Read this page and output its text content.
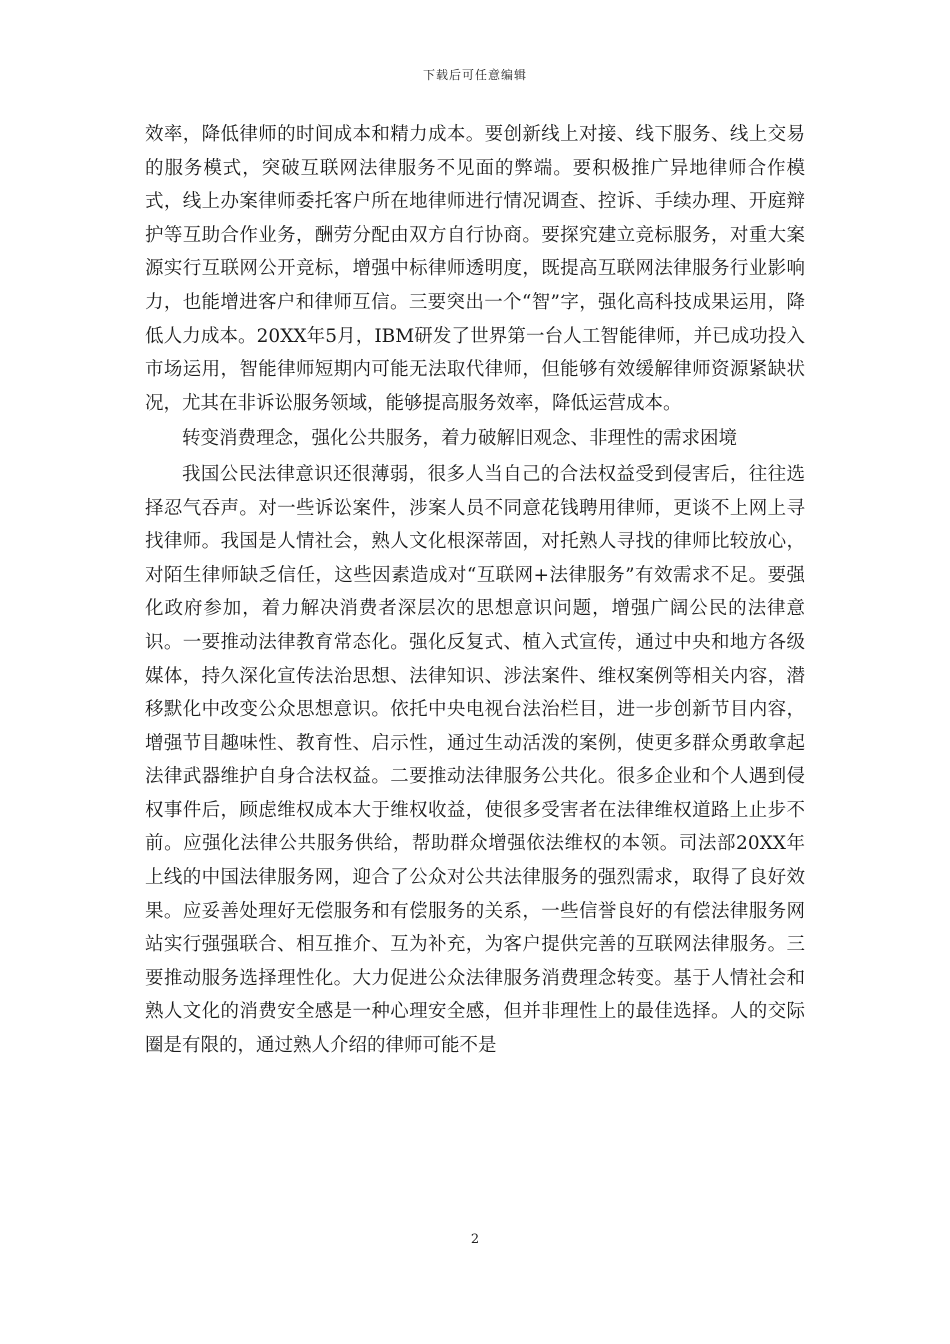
下载后可任意编辑

效率，降低律师的时间成本和精力成本。要创新线上对接、线下服务、线上交易的服务模式，突破互联网法律服务不见面的弊端。要积极推广异地律师合作模式，线上办案律师委托客户所在地律师进行情况调查、控诉、手续办理、开庭辩护等互助合作业务，酬劳分配由双方自行协商。要探究建立竞标服务，对重大案源实行互联网公开竞标，增强中标律师透明度，既提高互联网法律服务行业影响力，也能增进客户和律师互信。三要突出一个“智”字，强化高科技成果运用，降低人力成本。20XX年5月，IBM研发了世界第一台人工智能律师，并已成功投入市场运用，智能律师短期内可能无法取代律师，但能够有效缓解律师资源紧缺状况，尤其在非诉讼服务领域，能够提高服务效率，降低运营成本。

转变消费理念，强化公共服务，着力破解旧观念、非理性的需求困境

我国公民法律意识还很薄弱，很多人当自己的合法权益受到侵害后，往往选择忍气吞声。对一些诉讼案件，涉案人员不同意花钱聘用律师，更谈不上网上寻找律师。我国是人情社会，熟人文化根深蒂固，对托熟人寻找的律师比较放心，对陌生律师缺乏信任，这些因素造成对“互联网+法律服务”有效需求不足。要强化政府参加，着力解决消费者深层次的思想意识问题，增强广阔公民的法律意识。一要推动法律教育常态化。强化反复式、植入式宣传，通过中央和地方各级媒体，持久深化宣传法治思想、法律知识、涉法案件、维权案例等相关内容，潜移默化中改变公众思想意识。依托中央电视台法治栏目，进一步创新节目内容，增强节目趣味性、教育性、启示性，通过生动活泼的案例，使更多群众勇敢拿起法律武器维护自身合法权益。二要推动法律服务公共化。很多企业和个人遇到侵权事件后，顾虑维权成本大于维权收益，使很多受害者在法律维权道路上止步不前。应强化法律公共服务供给，帮助群众增强依法维权的本领。司法部20XX年上线的中国法律服务网，迎合了公众对公共法律服务的强烈需求，取得了良好效果。应妥善处理好无偿服务和有偿服务的关系，一些信誉良好的有偿法律服务网站实行强强联合、相互推介、互为补充，为客户提供完善的互联网法律服务。三要推动服务选择理性化。大力促进公众法律服务消费理念转变。基于人情社会和熟人文化的消费安全感是一种心理安全感，但并非理性上的最佳选择。人的交际圈是有限的，通过熟人介绍的律师可能不是

2
